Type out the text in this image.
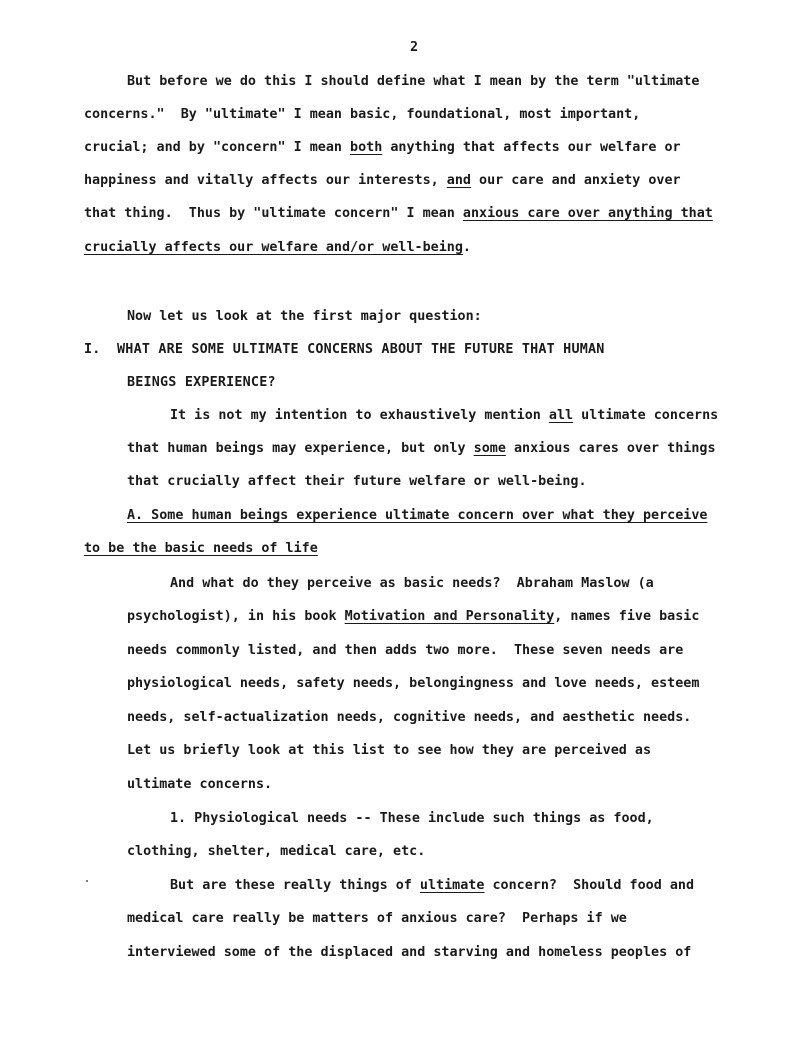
2
But before we do this I should define what I mean by the term "ultimate
concerns."  By "ultimate" I mean basic, foundational, most important,
crucial; and by "concern" I mean both anything that affects our welfare or
happiness and vitally affects our interests, and our care and anxiety over
that thing.  Thus by "ultimate concern" I mean anxious care over anything that
crucially affects our welfare and/or well-being.
Now let us look at the first major question:
I.  WHAT ARE SOME ULTIMATE CONCERNS ABOUT THE FUTURE THAT HUMAN
BEINGS EXPERIENCE?
It is not my intention to exhaustively mention all ultimate concerns
that human beings may experience, but only some anxious cares over things
that crucially affect their future welfare or well-being.
A. Some human beings experience ultimate concern over what they perceive
to be the basic needs of life
And what do they perceive as basic needs?  Abraham Maslow (a
psychologist), in his book Motivation and Personality, names five basic
needs commonly listed, and then adds two more.  These seven needs are
physiological needs, safety needs, belongingness and love needs, esteem
needs, self-actualization needs, cognitive needs, and aesthetic needs.
Let us briefly look at this list to see how they are perceived as
ultimate concerns.
1. Physiological needs -- These include such things as food,
clothing, shelter, medical care, etc.
But are these really things of ultimate concern?  Should food and
medical care really be matters of anxious care?  Perhaps if we
interviewed some of the displaced and starving and homeless peoples of
